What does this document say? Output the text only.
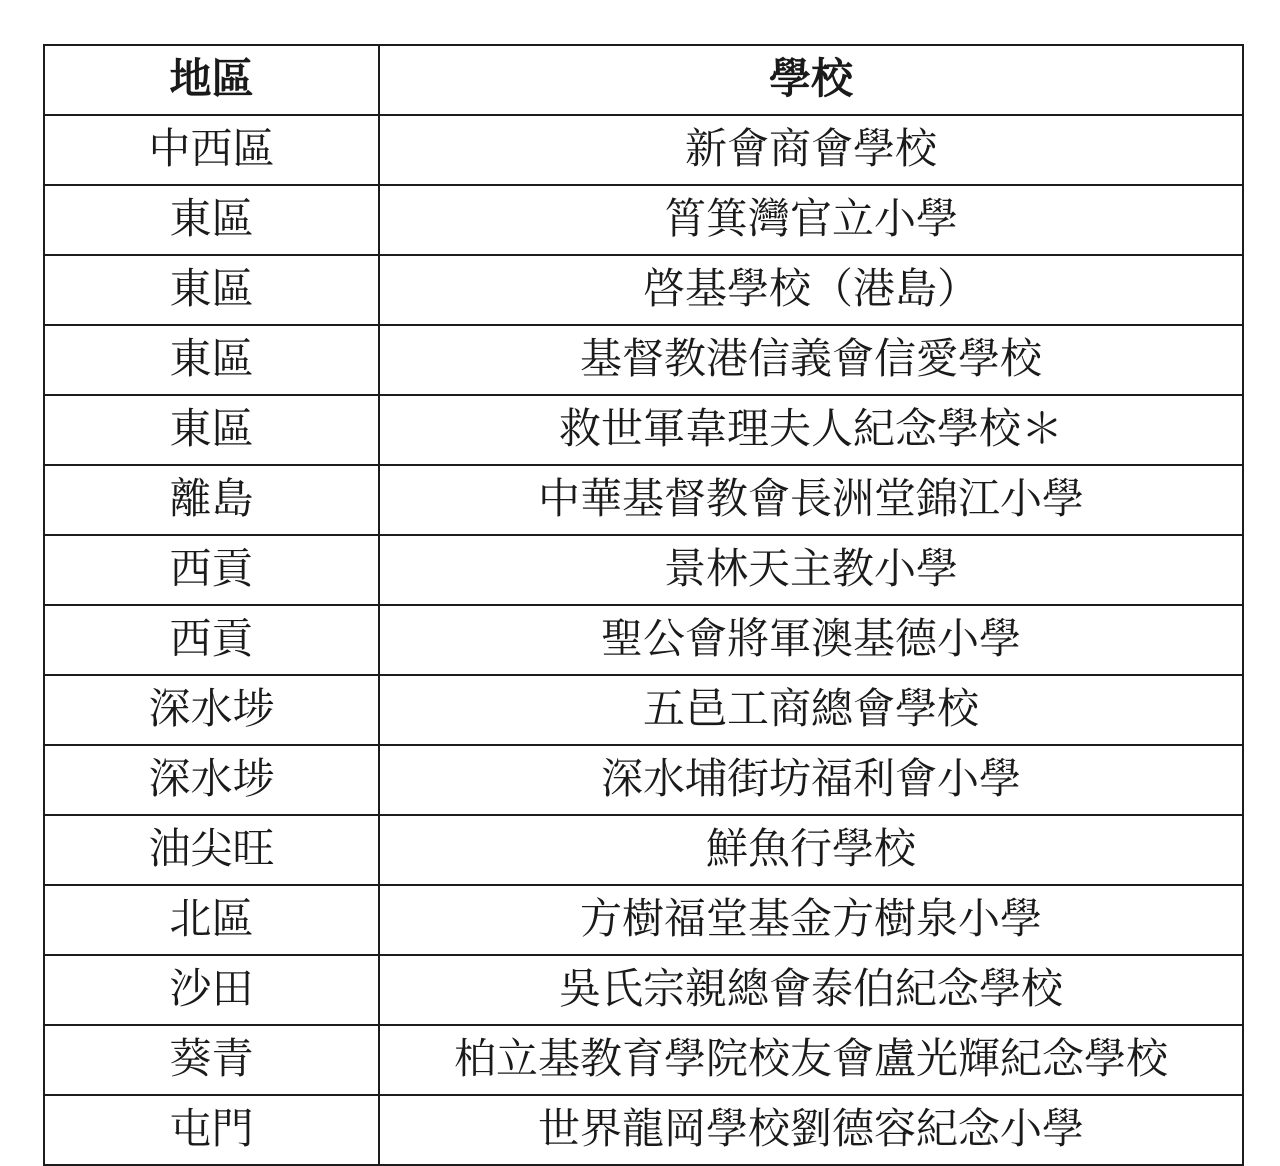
地區	學校
中西區	新會商會學校
東區	筲箕灣官立小學
東區	啓基學校（港島）
東區	基督教港信義會信愛學校
東區	救世軍韋理夫人紀念學校＊
離島	中華基督教會長洲堂錦江小學
西貢	景林天主教小學
西貢	聖公會將軍澳基德小學
深水埗	五邑工商總會學校
深水埗	深水埔街坊福利會小學
油尖旺	鮮魚行學校
北區	方樹福堂基金方樹泉小學
沙田	吳氏宗親總會泰伯紀念學校
葵青	柏立基教育學院校友會盧光輝紀念學校
屯門	世界龍岡學校劉德容紀念小學
